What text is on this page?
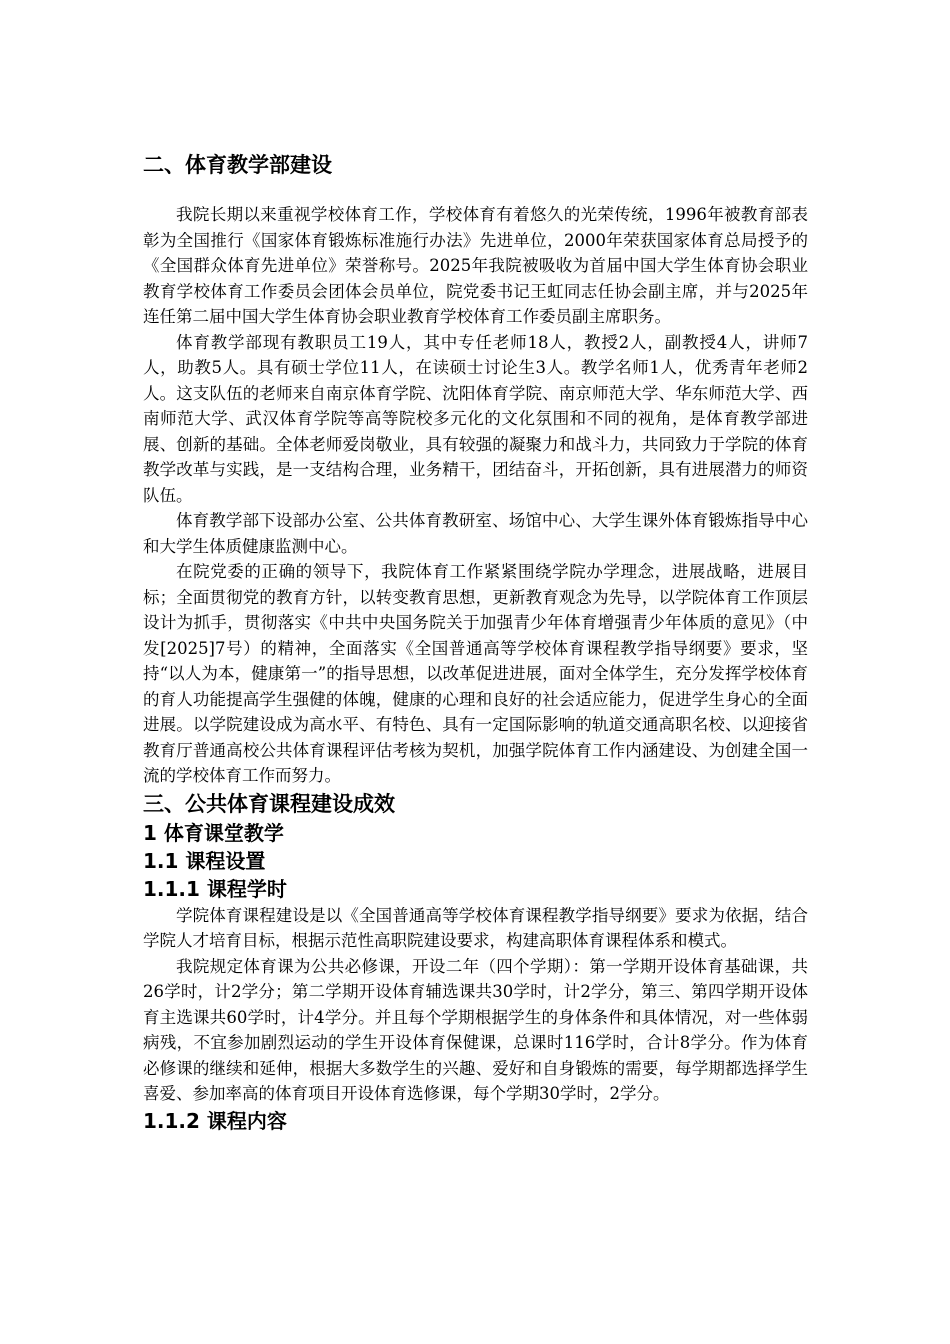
二、体育教学部建设

我院长期以来重视学校体育工作，学校体育有着悠久的光荣传统，1996年被教育部表彰为全国推行《国家体育锻炼标准施行办法》先进单位，2000年荣获国家体育总局授予的《全国群众体育先进单位》荣誉称号。2025年我院被吸收为首届中国大学生体育协会职业教育学校体育工作委员会团体会员单位，院党委书记王虹同志任协会副主席，并与2025年连任第二届中国大学生体育协会职业教育学校体育工作委员副主席职务。

体育教学部现有教职员工19人，其中专任老师18人，教授2人，副教授4人，讲师7人，助教5人。具有硕士学位11人，在读硕士讨论生3人。教学名师1人，优秀青年老师2人。这支队伍的老师来自南京体育学院、沈阳体育学院、南京师范大学、华东师范大学、西南师范大学、武汉体育学院等高等院校多元化的文化氛围和不同的视角，是体育教学部进展、创新的基础。全体老师爱岗敬业，具有较强的凝聚力和战斗力，共同致力于学院的体育教学改革与实践，是一支结构合理，业务精干，团结奋斗，开拓创新，具有进展潜力的师资队伍。

体育教学部下设部办公室、公共体育教研室、场馆中心、大学生课外体育锻炼指导中心和大学生体质健康监测中心。

在院党委的正确的领导下，我院体育工作紧紧围绕学院办学理念，进展战略，进展目标；全面贯彻党的教育方针，以转变教育思想，更新教育观念为先导，以学院体育工作顶层设计为抓手，贯彻落实《中共中央国务院关于加强青少年体育增强青少年体质的意见》（中发[2025]7号）的精神，全面落实《全国普通高等学校体育课程教学指导纲要》要求，坚持“以人为本，健康第一”的指导思想，以改革促进进展，面对全体学生，充分发挥学校体育的育人功能提高学生强健的体魄，健康的心理和良好的社会适应能力，促进学生身心的全面进展。以学院建设成为高水平、有特色、具有一定国际影响的轨道交通高职名校、以迎接省教育厅普通高校公共体育课程评估考核为契机，加强学院体育工作内涵建设、为创建全国一流的学校体育工作而努力。

三、公共体育课程建设成效
1 体育课堂教学
1.1 课程设置
1.1.1 课程学时

学院体育课程建设是以《全国普通高等学校体育课程教学指导纲要》要求为依据，结合学院人才培育目标，根据示范性高职院建设要求，构建高职体育课程体系和模式。

我院规定体育课为公共必修课，开设二年（四个学期）：第一学期开设体育基础课，共26学时，计2学分；第二学期开设体育辅选课共30学时，计2学分，第三、第四学期开设体育主选课共60学时，计4学分。并且每个学期根据学生的身体条件和具体情况，对一些体弱病残，不宜参加剧烈运动的学生开设体育保健课，总课时116学时，合计8学分。作为体育必修课的继续和延伸，根据大多数学生的兴趣、爱好和自身锻炼的需要，每学期都选择学生喜爱、参加率高的体育项目开设体育选修课，每个学期30学时，2学分。

1.1.2 课程内容
